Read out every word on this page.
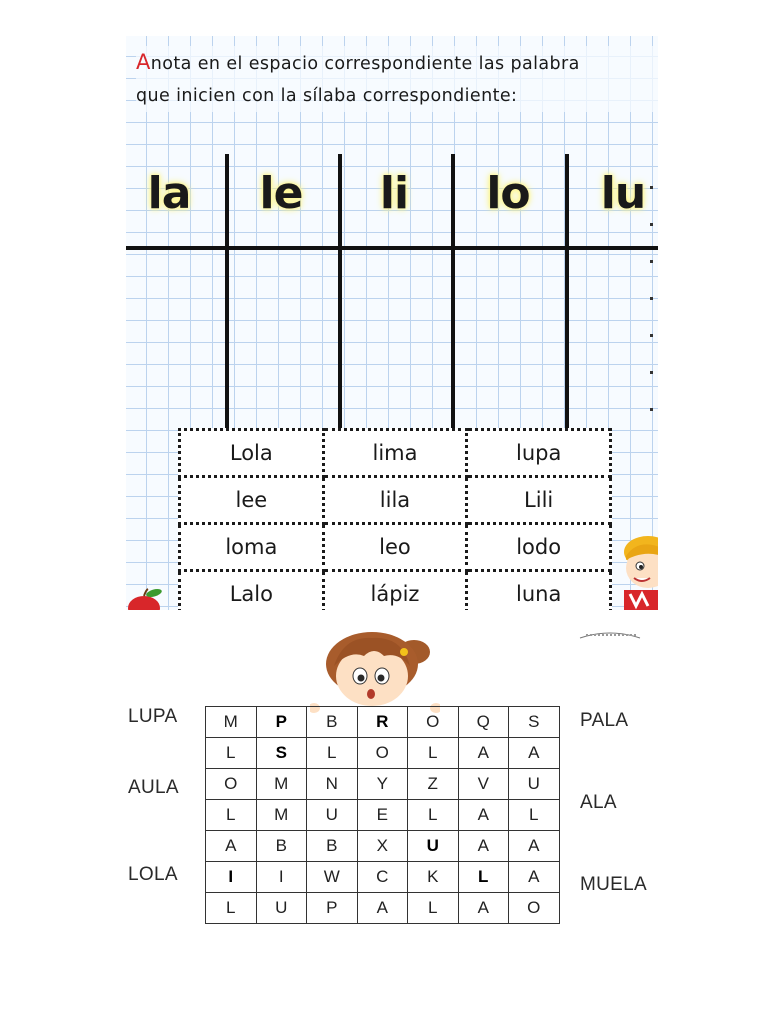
Anota en el espacio correspondiente las palabra
que inicien con la sílaba correspondiente:
la	le	li	lo	lu
Lola	lima	lupa
lee	lila	Lili
loma	leo	lodo
Lalo	lápiz	luna
LUPA
AULA
LOLA
PALA
ALA
MUELA
M	P	B	R	O	Q	S
L	S	L	O	L	A	A
O	M	N	Y	Z	V	U
L	M	U	E	L	A	L
A	B	B	X	U	A	A
I	I	W	C	K	L	A
L	U	P	A	L	A	O
